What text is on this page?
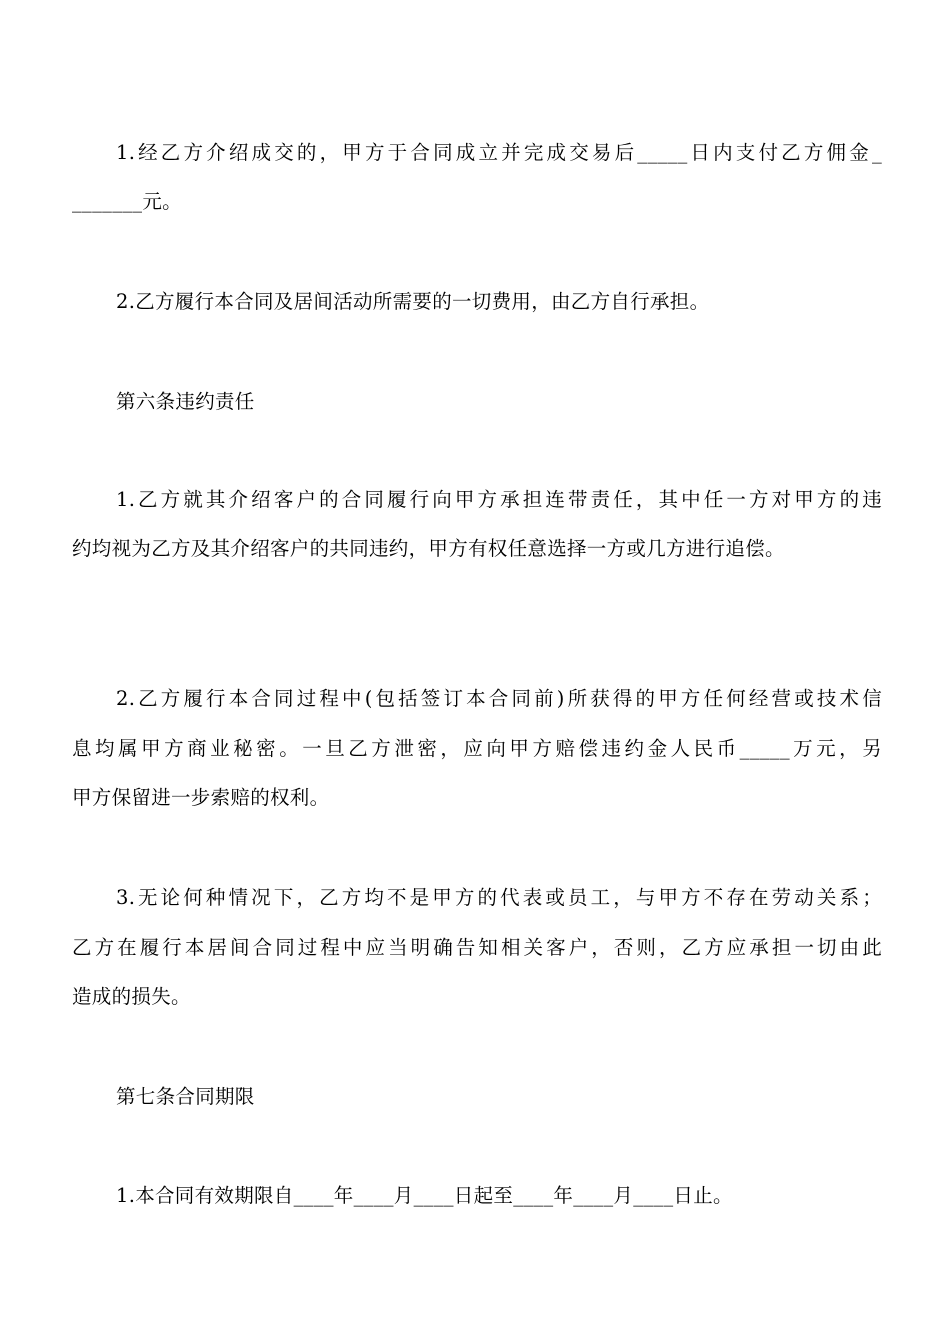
1.经乙方介绍成交的，甲方于合同成立并完成交易后_____日内支付乙方佣金_
_______元。
2.乙方履行本合同及居间活动所需要的一切费用，由乙方自行承担。
第六条违约责任
1.乙方就其介绍客户的合同履行向甲方承担连带责任，其中任一方对甲方的违
约均视为乙方及其介绍客户的共同违约，甲方有权任意选择一方或几方进行追偿。
2.乙方履行本合同过程中(包括签订本合同前)所获得的甲方任何经营或技术信
息均属甲方商业秘密。一旦乙方泄密，应向甲方赔偿违约金人民币_____万元，另
甲方保留进一步索赔的权利。
3.无论何种情况下，乙方均不是甲方的代表或员工，与甲方不存在劳动关系；
乙方在履行本居间合同过程中应当明确告知相关客户，否则，乙方应承担一切由此
造成的损失。
第七条合同期限
1.本合同有效期限自____年____月____日起至____年____月____日止。
